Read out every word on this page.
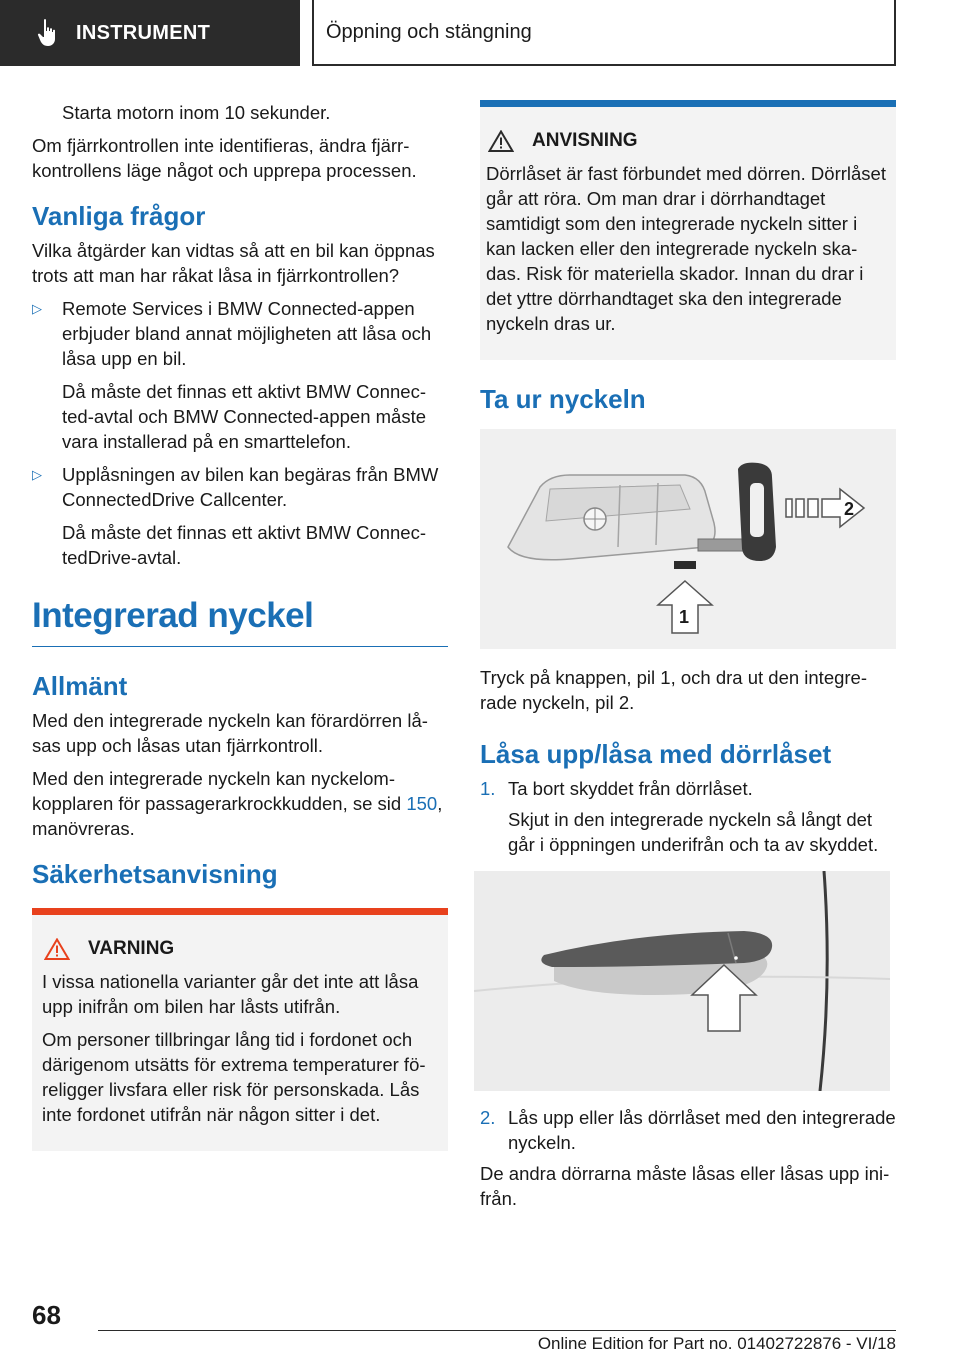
INSTRUMENT	Öppning och stängning

Starta motorn inom 10 sekunder.

Om fjärrkontrollen inte identifieras, ändra fjärrkontrollens läge något och upprepa processen.

Vanliga frågor

Vilka åtgärder kan vidtas så att en bil kan öppnas trots att man har råkat låsa in fjärrkontrollen?

▷	Remote Services i BMW Connected-appen erbjuder bland annat möjligheten att låsa och låsa upp en bil.

Då måste det finnas ett aktivt BMW Connected-avtal och BMW Connected-appen måste vara installerad på en smarttelefon.

▷	Upplåsningen av bilen kan begäras från BMW ConnectedDrive Callcenter.

Då måste det finnas ett aktivt BMW ConnectedDrive-avtal.

Integrerad nyckel
Allmänt

Med den integrerade nyckeln kan förardörren låsas upp och låsas utan fjärrkontroll.

Med den integrerade nyckeln kan nyckelomkopplaren för passagerarkrockkudden, se sid 150, manövreras.

Säkerhetsanvisning
VARNING

I vissa nationella varianter går det inte att låsa upp inifrån om bilen har låsts utifrån.

Om personer tillbringar lång tid i fordonet och därigenom utsätts för extrema temperaturer föreligger livsfara eller risk för personskada. Lås inte fordonet utifrån när någon sitter i det.

ANVISNING

Dörrlåset är fast förbundet med dörren. Dörrlåset går att röra. Om man drar i dörrhandtaget samtidigt som den integrerade nyckeln sitter i kan lacken eller den integrerade nyckeln skadas. Risk för materiella skador. Innan du drar i det yttre dörrhandtaget ska den integrerade nyckeln dras ur.

Ta ur nyckeln
2
1

Tryck på knappen, pil 1, och dra ut den integrerade nyckeln, pil 2.

Låsa upp/låsa med dörrlåset
1. Ta bort skyddet från dörrlåset.

Skjut in den integrerade nyckeln så långt det går i öppningen underifrån och ta av skyddet.

2. Lås upp eller lås dörrlåset med den integrerade nyckeln.

De andra dörrarna måste låsas eller låsas upp inifrån.

68
Online Edition for Part no. 01402722876 - VI/18
